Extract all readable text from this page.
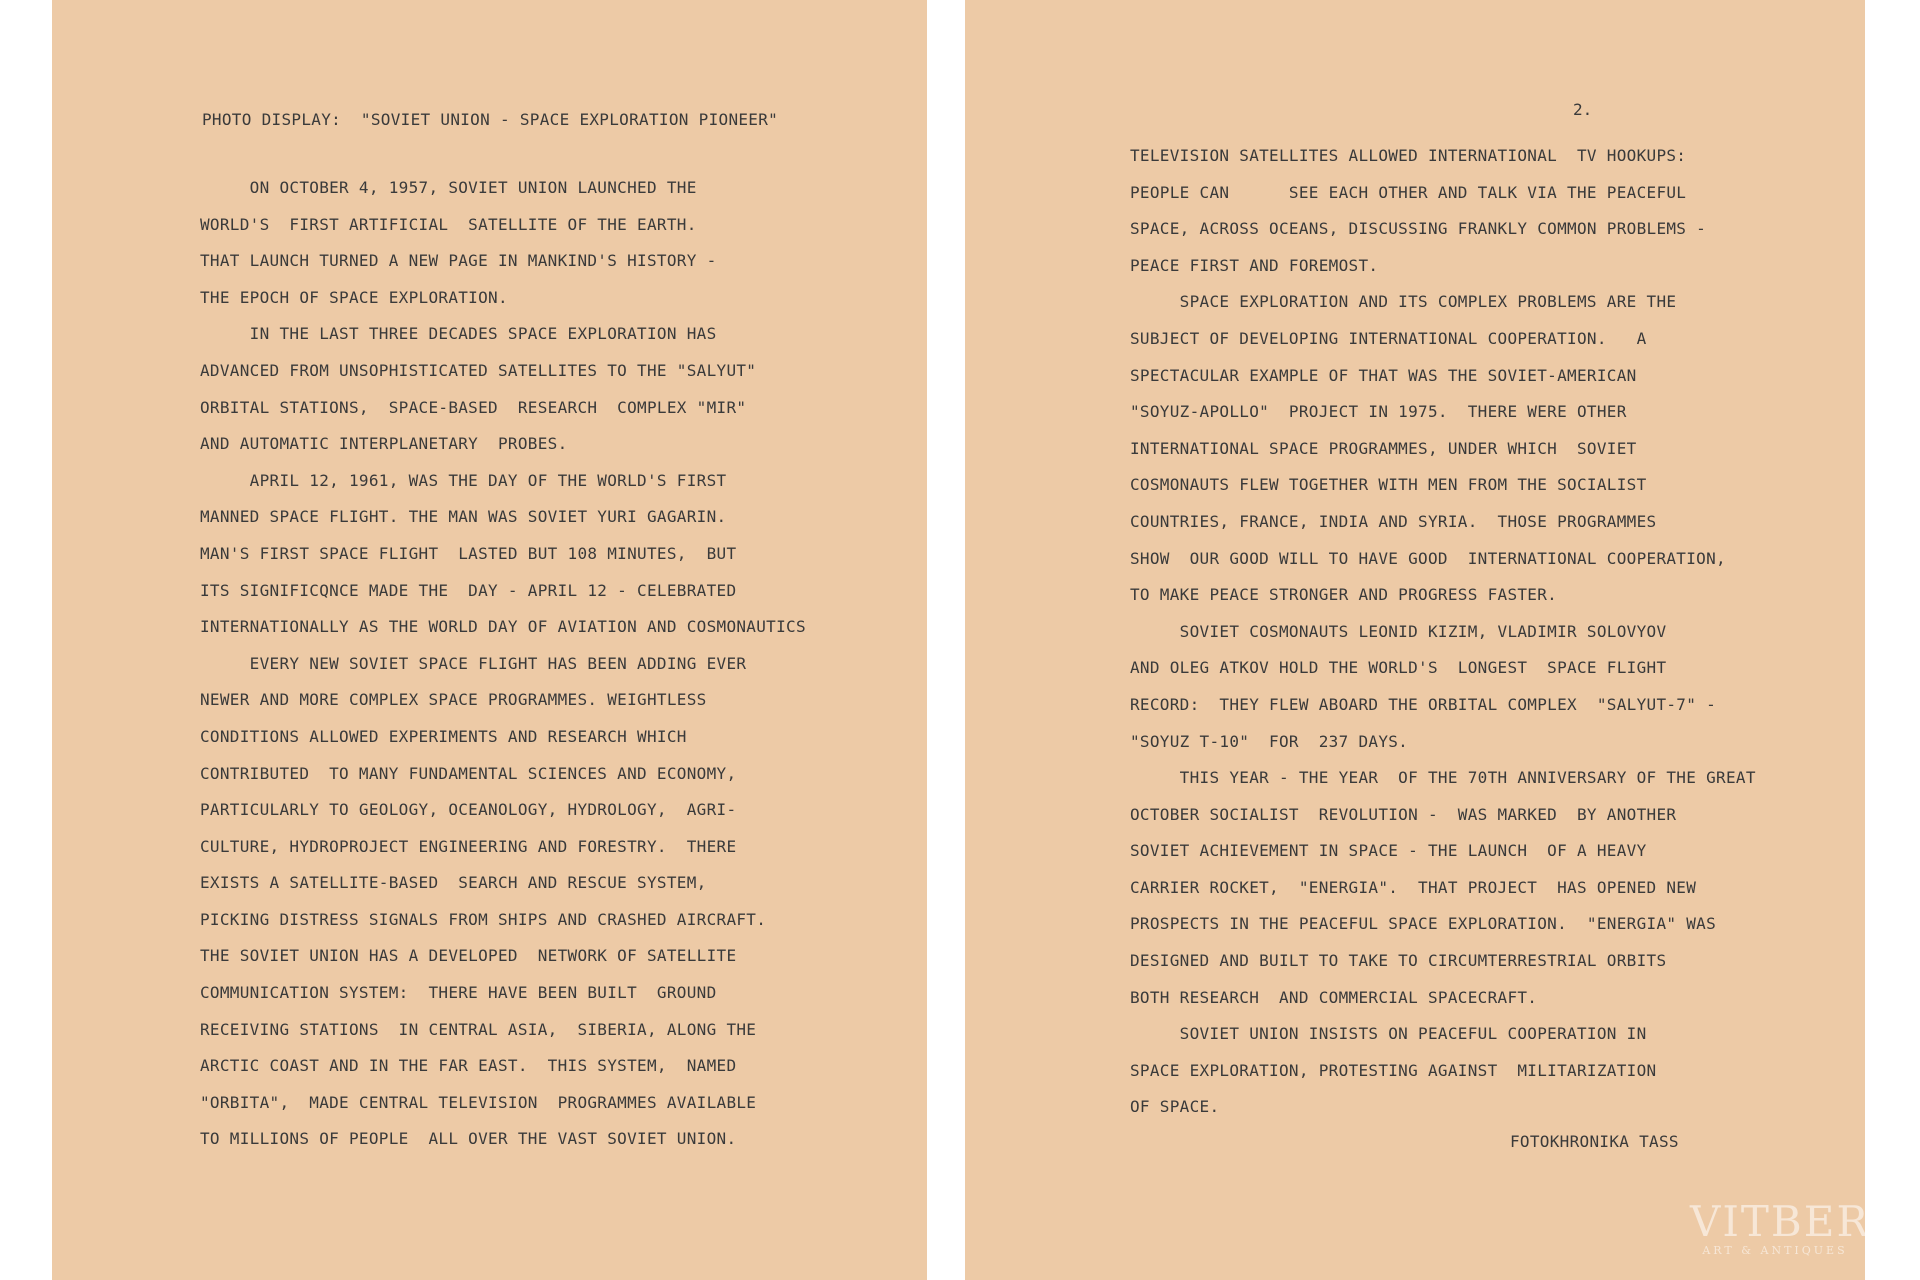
PHOTO DISPLAY:  "SOVIET UNION - SPACE EXPLORATION PIONEER"
ON OCTOBER 4, 1957, SOVIET UNION LAUNCHED THE
WORLD'S  FIRST ARTIFICIAL  SATELLITE OF THE EARTH.
THAT LAUNCH TURNED A NEW PAGE IN MANKIND'S HISTORY -
THE EPOCH OF SPACE EXPLORATION.
IN THE LAST THREE DECADES SPACE EXPLORATION HAS
ADVANCED FROM UNSOPHISTICATED SATELLITES TO THE "SALYUT"
ORBITAL STATIONS,  SPACE-BASED  RESEARCH  COMPLEX "MIR"
AND AUTOMATIC INTERPLANETARY  PROBES.
APRIL 12, 1961, WAS THE DAY OF THE WORLD'S FIRST
MANNED SPACE FLIGHT. THE MAN WAS SOVIET YURI GAGARIN.
MAN'S FIRST SPACE FLIGHT  LASTED BUT 108 MINUTES,  BUT
ITS SIGNIFICQNCE MADE THE  DAY - APRIL 12 - CELEBRATED
INTERNATIONALLY AS THE WORLD DAY OF AVIATION AND COSMONAUTICS
EVERY NEW SOVIET SPACE FLIGHT HAS BEEN ADDING EVER
NEWER AND MORE COMPLEX SPACE PROGRAMMES. WEIGHTLESS
CONDITIONS ALLOWED EXPERIMENTS AND RESEARCH WHICH
CONTRIBUTED  TO MANY FUNDAMENTAL SCIENCES AND ECONOMY,
PARTICULARLY TO GEOLOGY, OCEANOLOGY, HYDROLOGY,  AGRI-
CULTURE, HYDROPROJECT ENGINEERING AND FORESTRY.  THERE
EXISTS A SATELLITE-BASED  SEARCH AND RESCUE SYSTEM,
PICKING DISTRESS SIGNALS FROM SHIPS AND CRASHED AIRCRAFT.
THE SOVIET UNION HAS A DEVELOPED  NETWORK OF SATELLITE
COMMUNICATION SYSTEM:  THERE HAVE BEEN BUILT  GROUND
RECEIVING STATIONS  IN CENTRAL ASIA,  SIBERIA, ALONG THE
ARCTIC COAST AND IN THE FAR EAST.  THIS SYSTEM,  NAMED
"ORBITA",  MADE CENTRAL TELEVISION  PROGRAMMES AVAILABLE
TO MILLIONS OF PEOPLE  ALL OVER THE VAST SOVIET UNION.
2.
TELEVISION SATELLITES ALLOWED INTERNATIONAL  TV HOOKUPS:
PEOPLE CAN      SEE EACH OTHER AND TALK VIA THE PEACEFUL
SPACE, ACROSS OCEANS, DISCUSSING FRANKLY COMMON PROBLEMS -
PEACE FIRST AND FOREMOST.
SPACE EXPLORATION AND ITS COMPLEX PROBLEMS ARE THE
SUBJECT OF DEVELOPING INTERNATIONAL COOPERATION.   A
SPECTACULAR EXAMPLE OF THAT WAS THE SOVIET-AMERICAN
"SOYUZ-APOLLO"  PROJECT IN 1975.  THERE WERE OTHER
INTERNATIONAL SPACE PROGRAMMES, UNDER WHICH  SOVIET
COSMONAUTS FLEW TOGETHER WITH MEN FROM THE SOCIALIST
COUNTRIES, FRANCE, INDIA AND SYRIA.  THOSE PROGRAMMES
SHOW  OUR GOOD WILL TO HAVE GOOD  INTERNATIONAL COOPERATION,
TO MAKE PEACE STRONGER AND PROGRESS FASTER.
SOVIET COSMONAUTS LEONID KIZIM, VLADIMIR SOLOVYOV
AND OLEG ATKOV HOLD THE WORLD'S  LONGEST  SPACE FLIGHT
RECORD:  THEY FLEW ABOARD THE ORBITAL COMPLEX  "SALYUT-7" -
"SOYUZ T-10"  FOR  237 DAYS.
THIS YEAR - THE YEAR  OF THE 70TH ANNIVERSARY OF THE GREAT
OCTOBER SOCIALIST  REVOLUTION -  WAS MARKED  BY ANOTHER
SOVIET ACHIEVEMENT IN SPACE - THE LAUNCH  OF A HEAVY
CARRIER ROCKET,  "ENERGIA".  THAT PROJECT  HAS OPENED NEW
PROSPECTS IN THE PEACEFUL SPACE EXPLORATION.  "ENERGIA" WAS
DESIGNED AND BUILT TO TAKE TO CIRCUMTERRESTRIAL ORBITS
BOTH RESEARCH  AND COMMERCIAL SPACECRAFT.
SOVIET UNION INSISTS ON PEACEFUL COOPERATION IN
SPACE EXPLORATION, PROTESTING AGAINST  MILITARIZATION
OF SPACE.
FOTOKHRONIKA TASS
VITBER
ART & ANTIQUES
